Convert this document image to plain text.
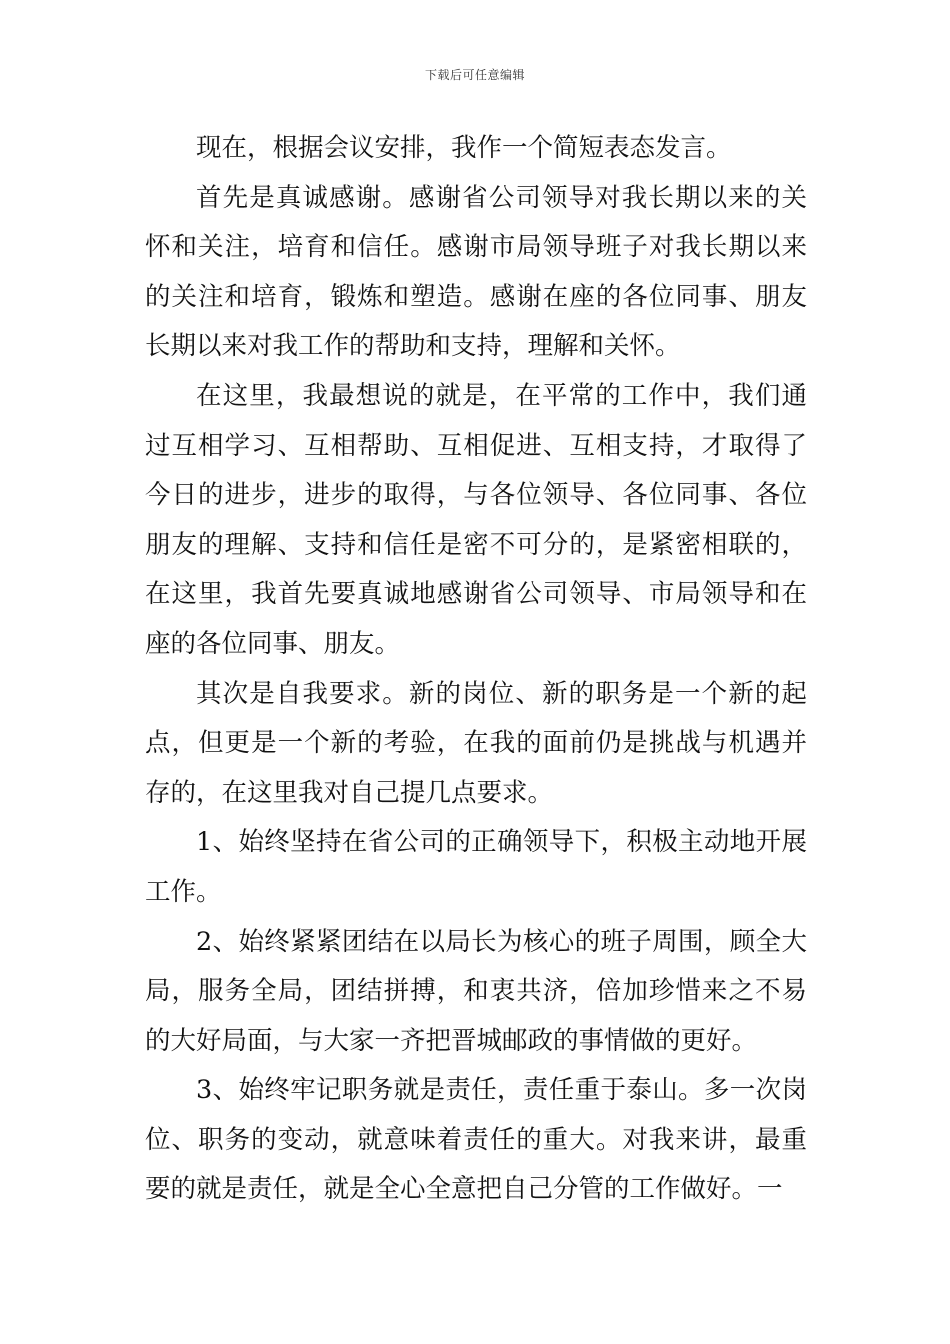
下载后可任意编辑

现在，根据会议安排，我作一个简短表态发言。

首先是真诚感谢。感谢省公司领导对我长期以来的关怀和关注，培育和信任。感谢市局领导班子对我长期以来的关注和培育，锻炼和塑造。感谢在座的各位同事、朋友长期以来对我工作的帮助和支持，理解和关怀。

在这里，我最想说的就是，在平常的工作中，我们通过互相学习、互相帮助、互相促进、互相支持，才取得了今日的进步，进步的取得，与各位领导、各位同事、各位朋友的理解、支持和信任是密不可分的，是紧密相联的，在这里，我首先要真诚地感谢省公司领导、市局领导和在座的各位同事、朋友。

其次是自我要求。新的岗位、新的职务是一个新的起点，但更是一个新的考验，在我的面前仍是挑战与机遇并存的，在这里我对自己提几点要求。

1、始终坚持在省公司的正确领导下，积极主动地开展工作。

2、始终紧紧团结在以局长为核心的班子周围，顾全大局，服务全局，团结拼搏，和衷共济，倍加珍惜来之不易的大好局面，与大家一齐把晋城邮政的事情做的更好。

3、始终牢记职务就是责任，责任重于泰山。多一次岗位、职务的变动，就意味着责任的重大。对我来讲，最重要的就是责任，就是全心全意把自己分管的工作做好。一
